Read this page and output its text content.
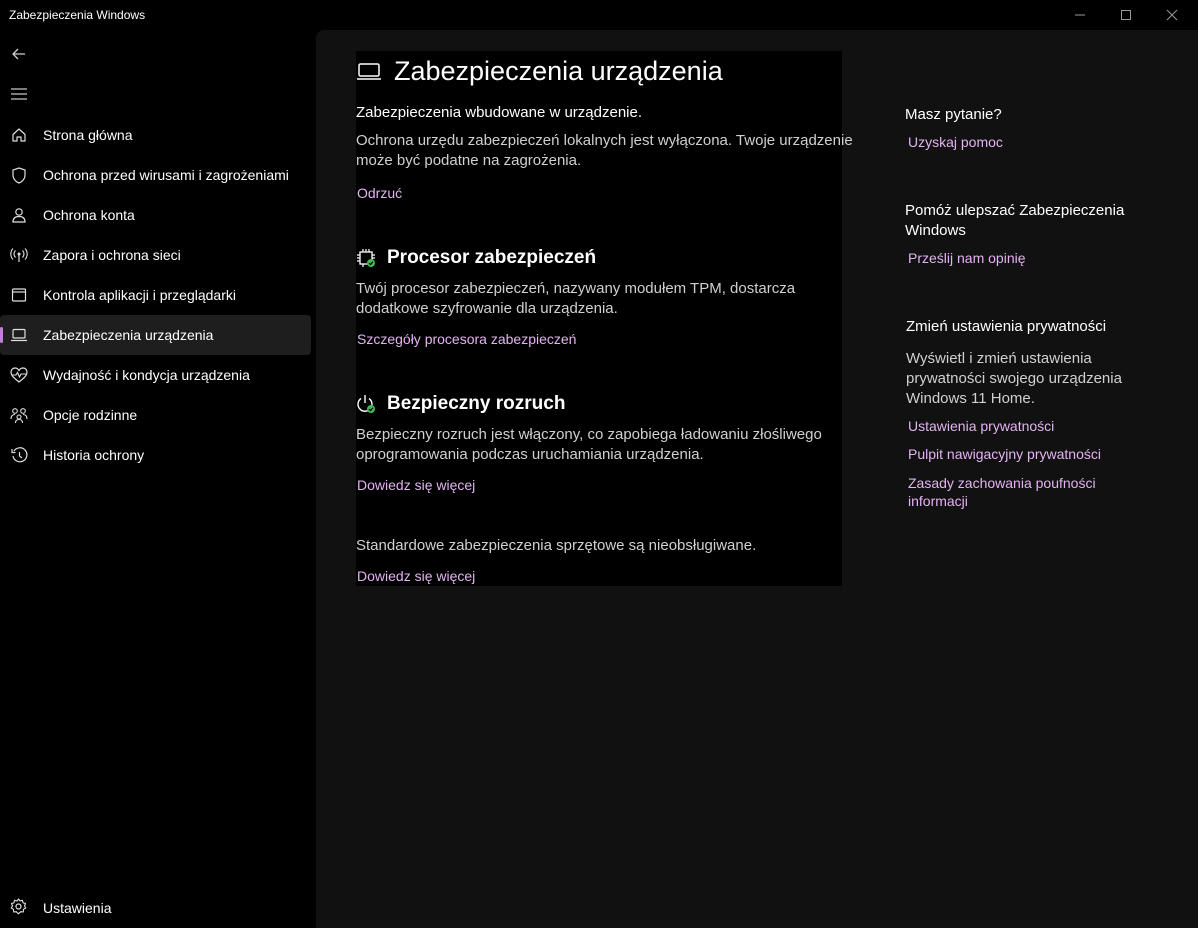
Zabezpieczenia Windows
Strona główna
Ochrona przed wirusami i zagrożeniami
Ochrona konta
Zapora i ochrona sieci
Kontrola aplikacji i przeglądarki
Zabezpieczenia urządzenia
Wydajność i kondycja urządzenia
Opcje rodzinne
Historia ochrony
Ustawienia
Zabezpieczenia urządzenia
Zabezpieczenia wbudowane w urządzenie.
Ochrona urzędu zabezpieczeń lokalnych jest wyłączona. Twoje urządzenie
może być podatne na zagrożenia.
Odrzuć
Procesor zabezpieczeń
Twój procesor zabezpieczeń, nazywany modułem TPM, dostarcza
dodatkowe szyfrowanie dla urządzenia.
Szczegóły procesora zabezpieczeń
Bezpieczny rozruch
Bezpieczny rozruch jest włączony, co zapobiega ładowaniu złośliwego
oprogramowania podczas uruchamiania urządzenia.
Dowiedz się więcej
Standardowe zabezpieczenia sprzętowe są nieobsługiwane.
Dowiedz się więcej
Masz pytanie?
Uzyskaj pomoc
Pomóż ulepszać Zabezpieczenia
Windows
Prześlij nam opinię
Zmień ustawienia prywatności
Wyświetl i zmień ustawienia
prywatności swojego urządzenia
Windows 11 Home.
Ustawienia prywatności
Pulpit nawigacyjny prywatności
Zasady zachowania poufności
informacji
